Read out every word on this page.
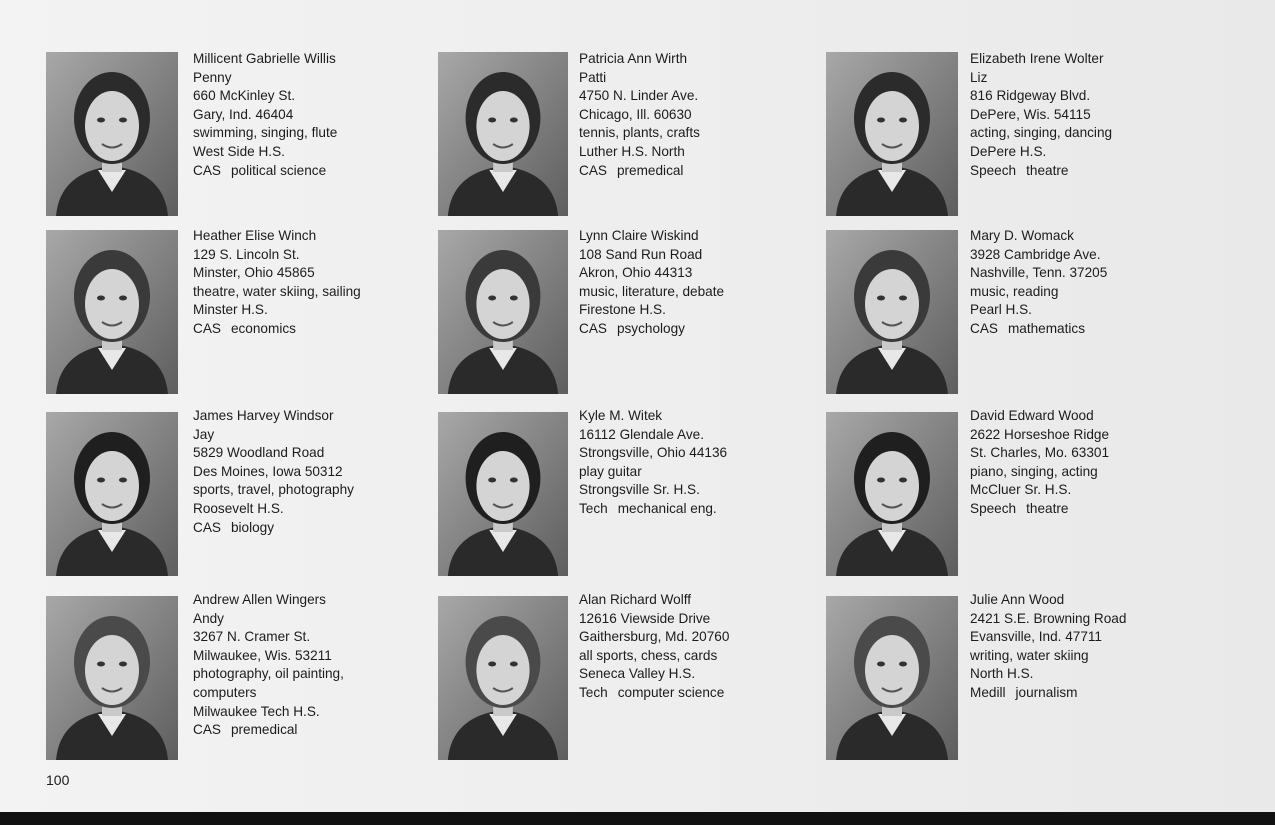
Millicent Gabrielle Willis
Penny
660 McKinley St.
Gary, Ind. 46404
swimming, singing, flute
West Side H.S.
CAS political science
Heather Elise Winch
129 S. Lincoln St.
Minster, Ohio 45865
theatre, water skiing, sailing
Minster H.S.
CAS economics
James Harvey Windsor
Jay
5829 Woodland Road
Des Moines, Iowa 50312
sports, travel, photography
Roosevelt H.S.
CAS biology
Andrew Allen Wingers
Andy
3267 N. Cramer St.
Milwaukee, Wis. 53211
photography, oil painting,
computers
Milwaukee Tech H.S.
CAS premedical
Patricia Ann Wirth
Patti
4750 N. Linder Ave.
Chicago, Ill. 60630
tennis, plants, crafts
Luther H.S. North
CAS premedical
Lynn Claire Wiskind
108 Sand Run Road
Akron, Ohio 44313
music, literature, debate
Firestone H.S.
CAS psychology
Kyle M. Witek
16112 Glendale Ave.
Strongsville, Ohio 44136
play guitar
Strongsville Sr. H.S.
Tech mechanical eng.
Alan Richard Wolff
12616 Viewside Drive
Gaithersburg, Md. 20760
all sports, chess, cards
Seneca Valley H.S.
Tech computer science
Elizabeth Irene Wolter
Liz
816 Ridgeway Blvd.
DePere, Wis. 54115
acting, singing, dancing
DePere H.S.
Speech theatre
Mary D. Womack
3928 Cambridge Ave.
Nashville, Tenn. 37205
music, reading
Pearl H.S.
CAS mathematics
David Edward Wood
2622 Horseshoe Ridge
St. Charles, Mo. 63301
piano, singing, acting
McCluer Sr. H.S.
Speech theatre
Julie Ann Wood
2421 S.E. Browning Road
Evansville, Ind. 47711
writing, water skiing
North H.S.
Medill journalism
100
